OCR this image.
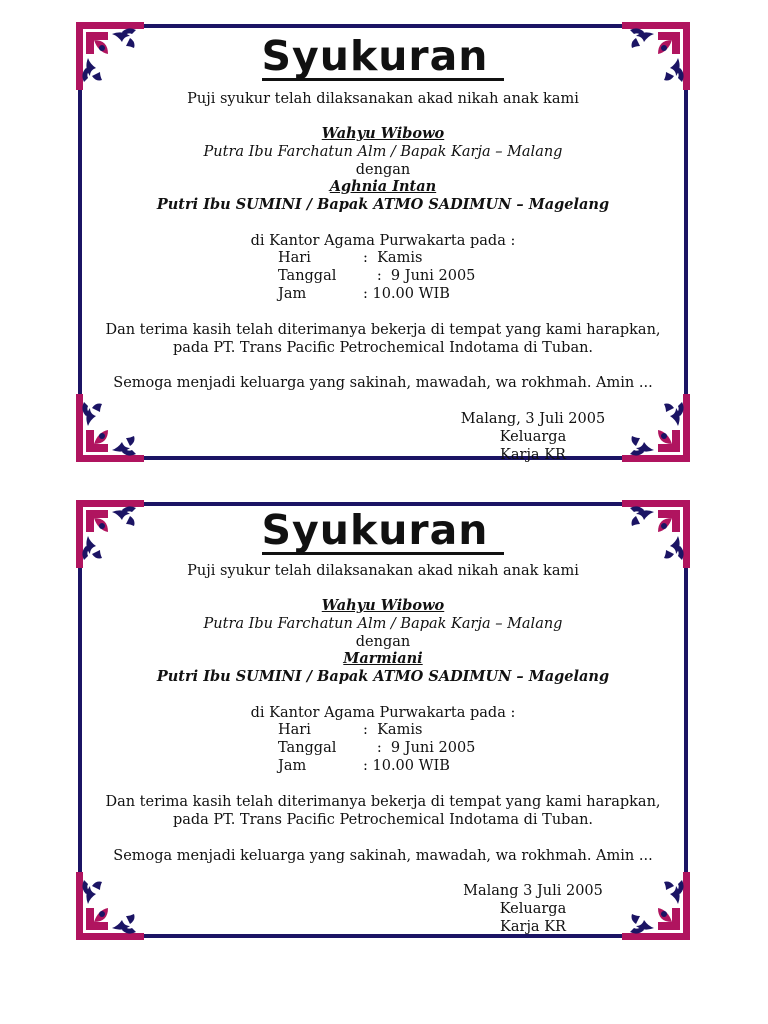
Syukuran
Puji syukur telah dilaksanakan akad nikah anak kami
Wahyu Wibowo
Putra Ibu Farchatun Alm / Bapak Karja – Malang
dengan
Aghnia Intan
Putri Ibu SUMINI / Bapak ATMO SADIMUN – Magelang
di Kantor Agama Purwakarta pada :
Hari	:  Kamis
Tanggal   :  9 Juni 2005
Jam	: 10.00 WIB
Dan terima kasih telah diterimanya bekerja di tempat yang kami harapkan,
pada PT. Trans Pacific Petrochemical Indotama di Tuban.
Semoga menjadi keluarga yang sakinah, mawadah, wa rokhmah. Amin ...
Malang, 3 Juli 2005
Keluarga
Karja KR
Syukuran
Puji syukur telah dilaksanakan akad nikah anak kami
Wahyu Wibowo
Putra Ibu Farchatun Alm / Bapak Karja – Malang
dengan
Marmiani
Putri Ibu SUMINI / Bapak ATMO SADIMUN – Magelang
di Kantor Agama Purwakarta pada :
Hari	:  Kamis
Tanggal   :  9 Juni 2005
Jam	: 10.00 WIB
Dan terima kasih telah diterimanya bekerja di tempat yang kami harapkan,
pada PT. Trans Pacific Petrochemical Indotama di Tuban.
Semoga menjadi keluarga yang sakinah, mawadah, wa rokhmah. Amin ...
Malang 3 Juli 2005
Keluarga
Karja KR
